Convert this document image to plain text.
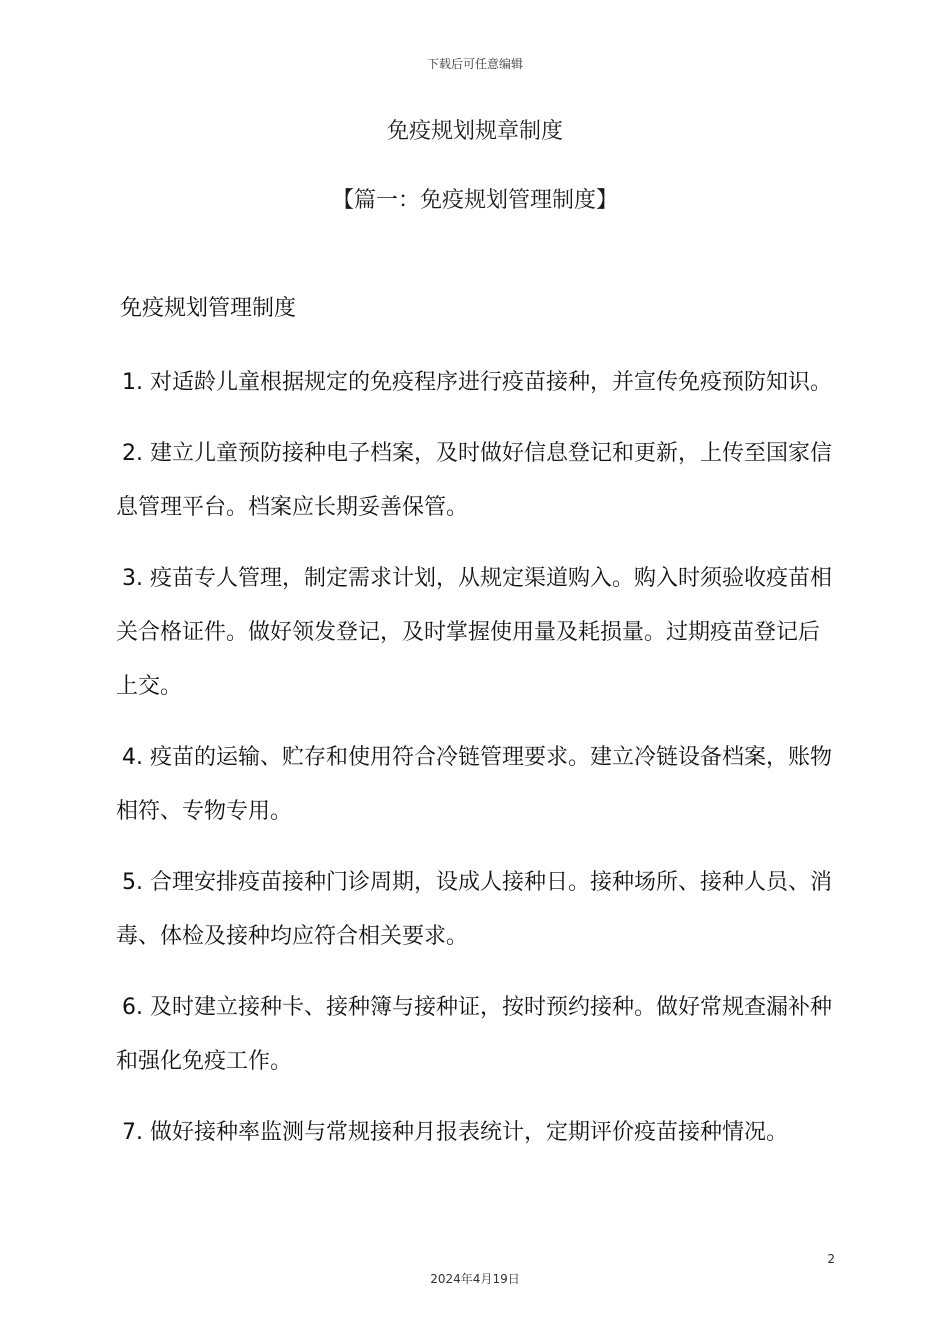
下载后可任意编辑
免疫规划规章制度
【篇一：免疫规划管理制度】
免疫规划管理制度

1. 对适龄儿童根据规定的免疫程序进行疫苗接种，并宣传免疫预防知识。

2. 建立儿童预防接种电子档案，及时做好信息登记和更新，上传至国家信息管理平台。档案应长期妥善保管。

3. 疫苗专人管理，制定需求计划，从规定渠道购入。购入时须验收疫苗相关合格证件。做好领发登记，及时掌握使用量及耗损量。过期疫苗登记后上交。

4. 疫苗的运输、贮存和使用符合冷链管理要求。建立冷链设备档案，账物相符、专物专用。

5. 合理安排疫苗接种门诊周期，设成人接种日。接种场所、接种人员、消毒、体检及接种均应符合相关要求。

6. 及时建立接种卡、接种簿与接种证，按时预约接种。做好常规查漏补种和强化免疫工作。

7. 做好接种率监测与常规接种月报表统计，定期评价疫苗接种情况。

2
2024年4月19日
